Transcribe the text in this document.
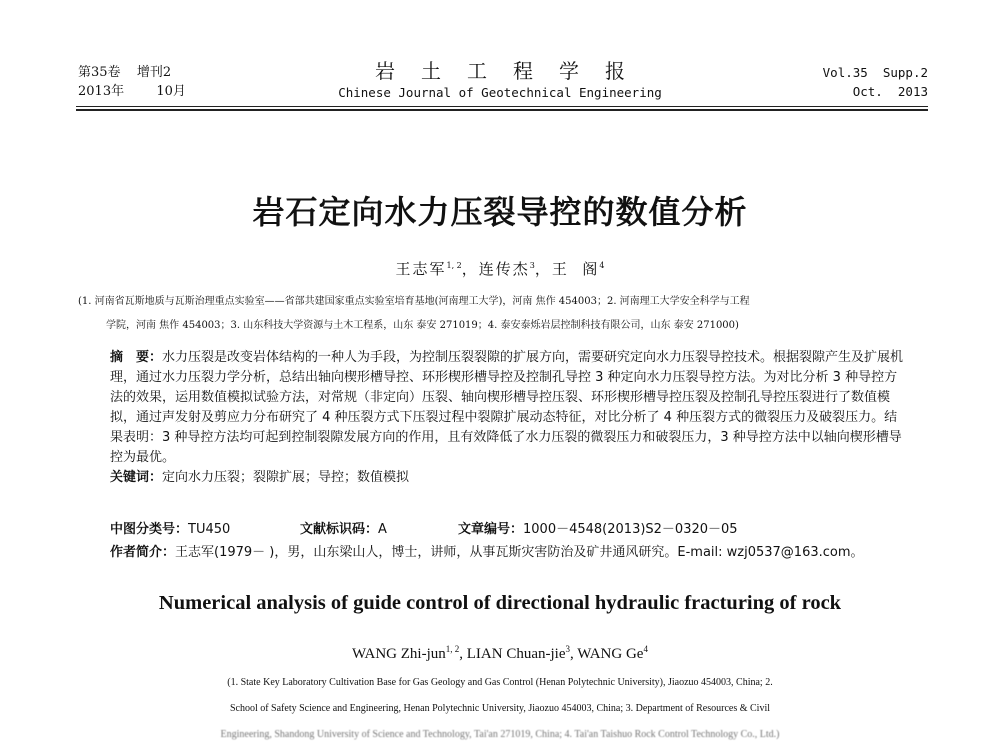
第35卷 增刊2
2013年 10月
岩土工程学报
Chinese Journal of Geotechnical Engineering
Vol.35  Supp.2
Oct.  2013
岩石定向水力压裂导控的数值分析
王志军$^{1, 2}$，连传杰$^3$，王  阁$^4$
(1. 河南省瓦斯地质与瓦斯治理重点实验室——省部共建国家重点实验室培育基地(河南理工大学)，河南 焦作 454003；2. 河南理工大学安全科学与工程
学院，河南 焦作 454003；3. 山东科技大学资源与土木工程系，山东 泰安 271019；4. 泰安泰烁岩层控制科技有限公司，山东 泰安 271000)
摘　要：水力压裂是改变岩体结构的一种人为手段，为控制压裂裂隙的扩展方向，需要研究定向水力压裂导控技术。根据裂隙产生及扩展机理，通过水力压裂力学分析，总结出轴向楔形槽导控、环形楔形槽导控及控制孔导控 3 种定向水力压裂导控方法。为对比分析 3 种导控方法的效果，运用数值模拟试验方法，对常规（非定向）压裂、轴向楔形槽导控压裂、环形楔形槽导控压裂及控制孔导控压裂进行了数值模拟，通过声发射及剪应力分布研究了 4 种压裂方式下压裂过程中裂隙扩展动态特征，对比分析了 4 种压裂方式的微裂压力及破裂压力。结果表明：3 种导控方法均可起到控制裂隙发展方向的作用，且有效降低了水力压裂的微裂压力和破裂压力，3 种导控方法中以轴向楔形槽导控为最优。
关键词：定向水力压裂；裂隙扩展；导控；数值模拟
中图分类号：TU450	文献标识码：A	文章编号：1000－4548(2013)S2－0320－05
作者简介：王志军(1979－ )，男，山东梁山人，博士，讲师，从事瓦斯灾害防治及矿井通风研究。E-mail: wzj0537@163.com。
Numerical analysis of guide control of directional hydraulic fracturing of rock
WANG Zhi-jun$^{1, 2}$, LIAN Chuan-jie$^3$, WANG Ge$^4$
(1. State Key Laboratory Cultivation Base for Gas Geology and Gas Control (Henan Polytechnic University), Jiaozuo 454003, China; 2.
School of Safety Science and Engineering, Henan Polytechnic University, Jiaozuo 454003, China; 3. Department of Resources & Civil
Engineering, Shandong University of Science and Technology, Tai'an 271019, China; 4. Tai'an Taishuo Rock Control Technology Co., Ltd.)
